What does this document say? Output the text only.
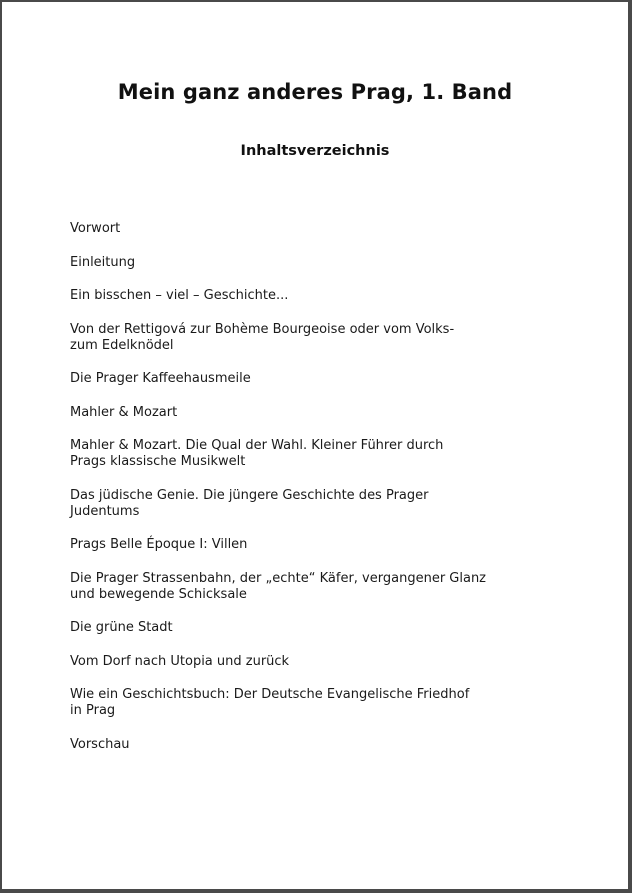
Mein ganz anderes Prag, 1. Band
Inhaltsverzeichnis
Vorwort
Einleitung
Ein bisschen – viel – Geschichte...
Von der Rettigová zur Bohème Bourgeoise oder vom Volks-
zum Edelknödel
Die Prager Kaffeehausmeile
Mahler & Mozart
Mahler & Mozart. Die Qual der Wahl. Kleiner Führer durch
Prags klassische Musikwelt
Das jüdische Genie. Die jüngere Geschichte des Prager
Judentums
Prags Belle Époque I: Villen
Die Prager Strassenbahn, der „echte“ Käfer, vergangener Glanz
und bewegende Schicksale
Die grüne Stadt
Vom Dorf nach Utopia und zurück
Wie ein Geschichtsbuch: Der Deutsche Evangelische Friedhof
in Prag
Vorschau
